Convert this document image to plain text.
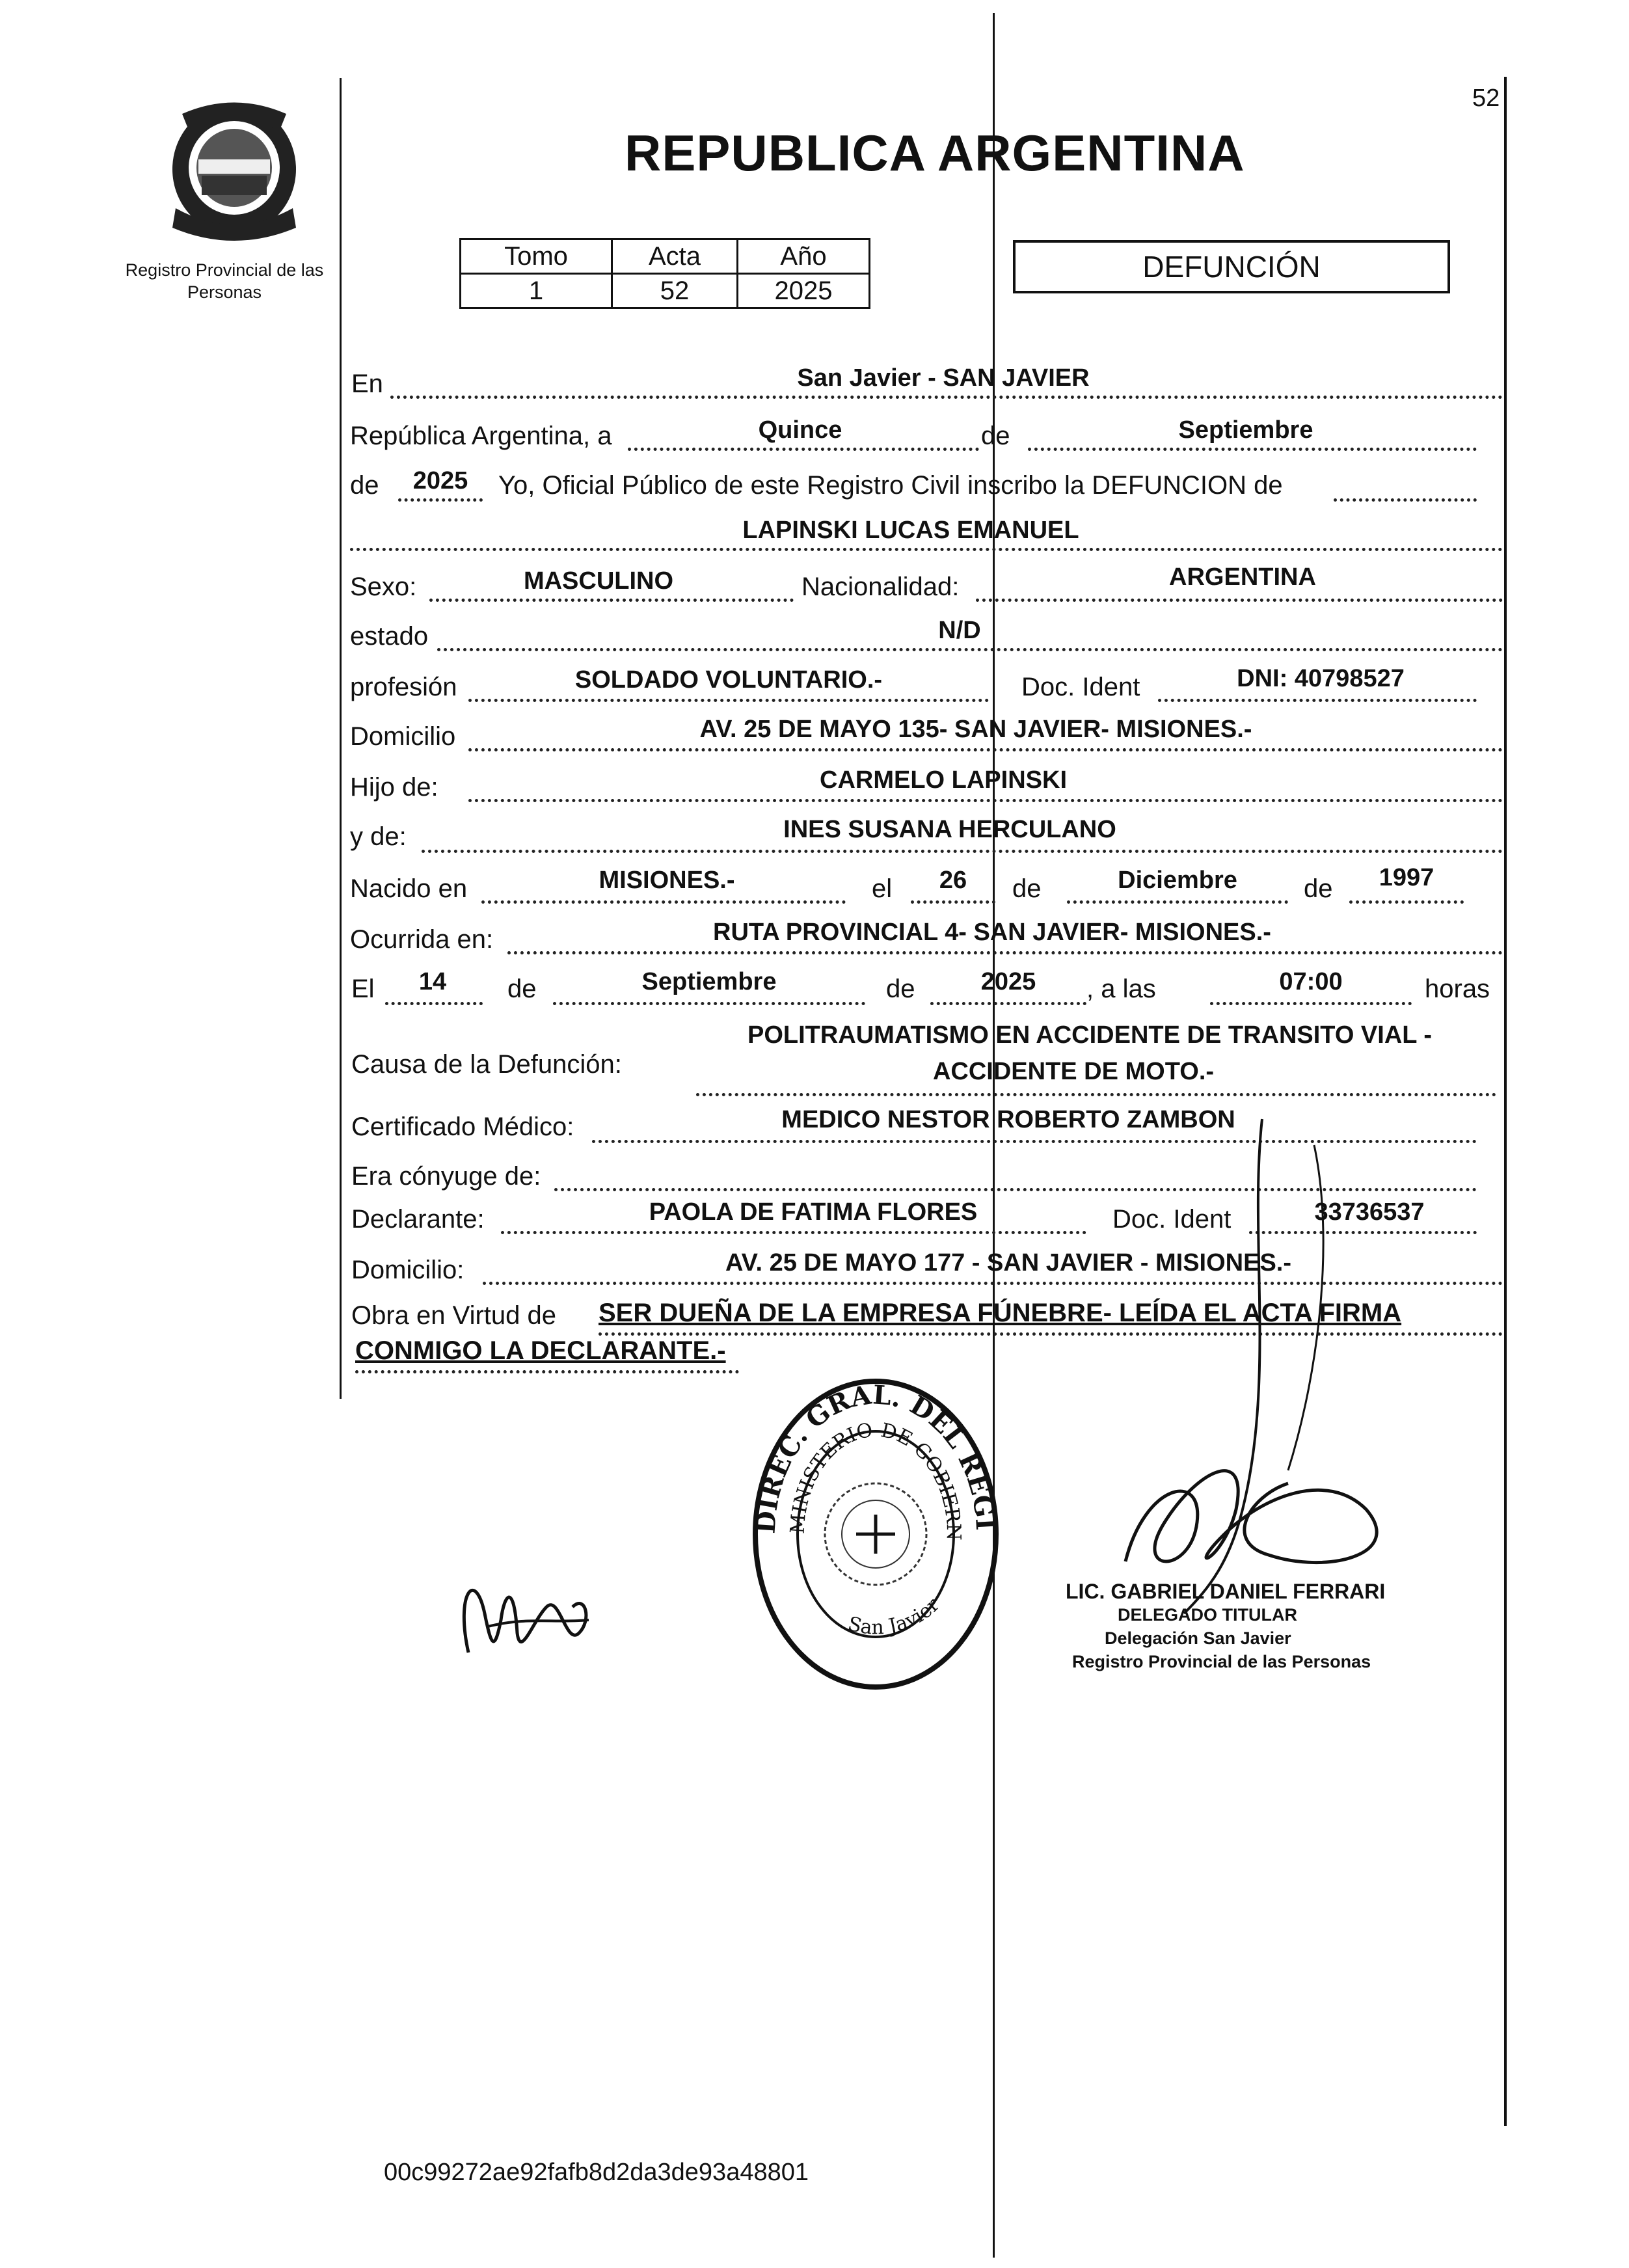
52
Registro Provincial de las Personas
REPUBLICA ARGENTINA
Tomo	Acta	Año
1	52	2025
DEFUNCIÓN
En	San Javier - SAN JAVIER
República Argentina, a	Quince	de	Septiembre
de	2025	Yo, Oficial Público de este Registro Civil inscribo la DEFUNCION de
LAPINSKI LUCAS EMANUEL
Sexo:	MASCULINO	Nacionalidad:	ARGENTINA
estado	N/D
profesión	SOLDADO VOLUNTARIO.-	Doc. Ident	DNI: 40798527
Domicilio	AV. 25 DE MAYO 135- SAN JAVIER- MISIONES.-
Hijo de:	CARMELO LAPINSKI
y de:	INES SUSANA HERCULANO
Nacido en	MISIONES.-	el	26	de	Diciembre	de	1997
Ocurrida en:	RUTA PROVINCIAL 4- SAN JAVIER- MISIONES.-
El	14	de	Septiembre	de	2025	, a las	07:00	horas
Causa de la Defunción:
POLITRAUMATISMO EN ACCIDENTE DE TRANSITO VIAL -
ACCIDENTE DE MOTO.-
Certificado Médico:	MEDICO NESTOR ROBERTO ZAMBON
Era cónyuge de:
Declarante:	PAOLA DE FATIMA FLORES	Doc. Ident	33736537
Domicilio:	AV. 25 DE MAYO 177 - SAN JAVIER - MISIONES.-
Obra en Virtud de SER DUEÑA DE LA EMPRESA FÚNEBRE- LEÍDA EL ACTA FIRMA
CONMIGO LA DECLARANTE.-
DIREC. GRAL. DEL REGI
MINISTERIO DE GOBIERN
San Javier
LIC. GABRIEL DANIEL FERRARI
DELEGADO TITULAR
Delegación San Javier
Registro Provincial de las Personas
00c99272ae92fafb8d2da3de93a48801
